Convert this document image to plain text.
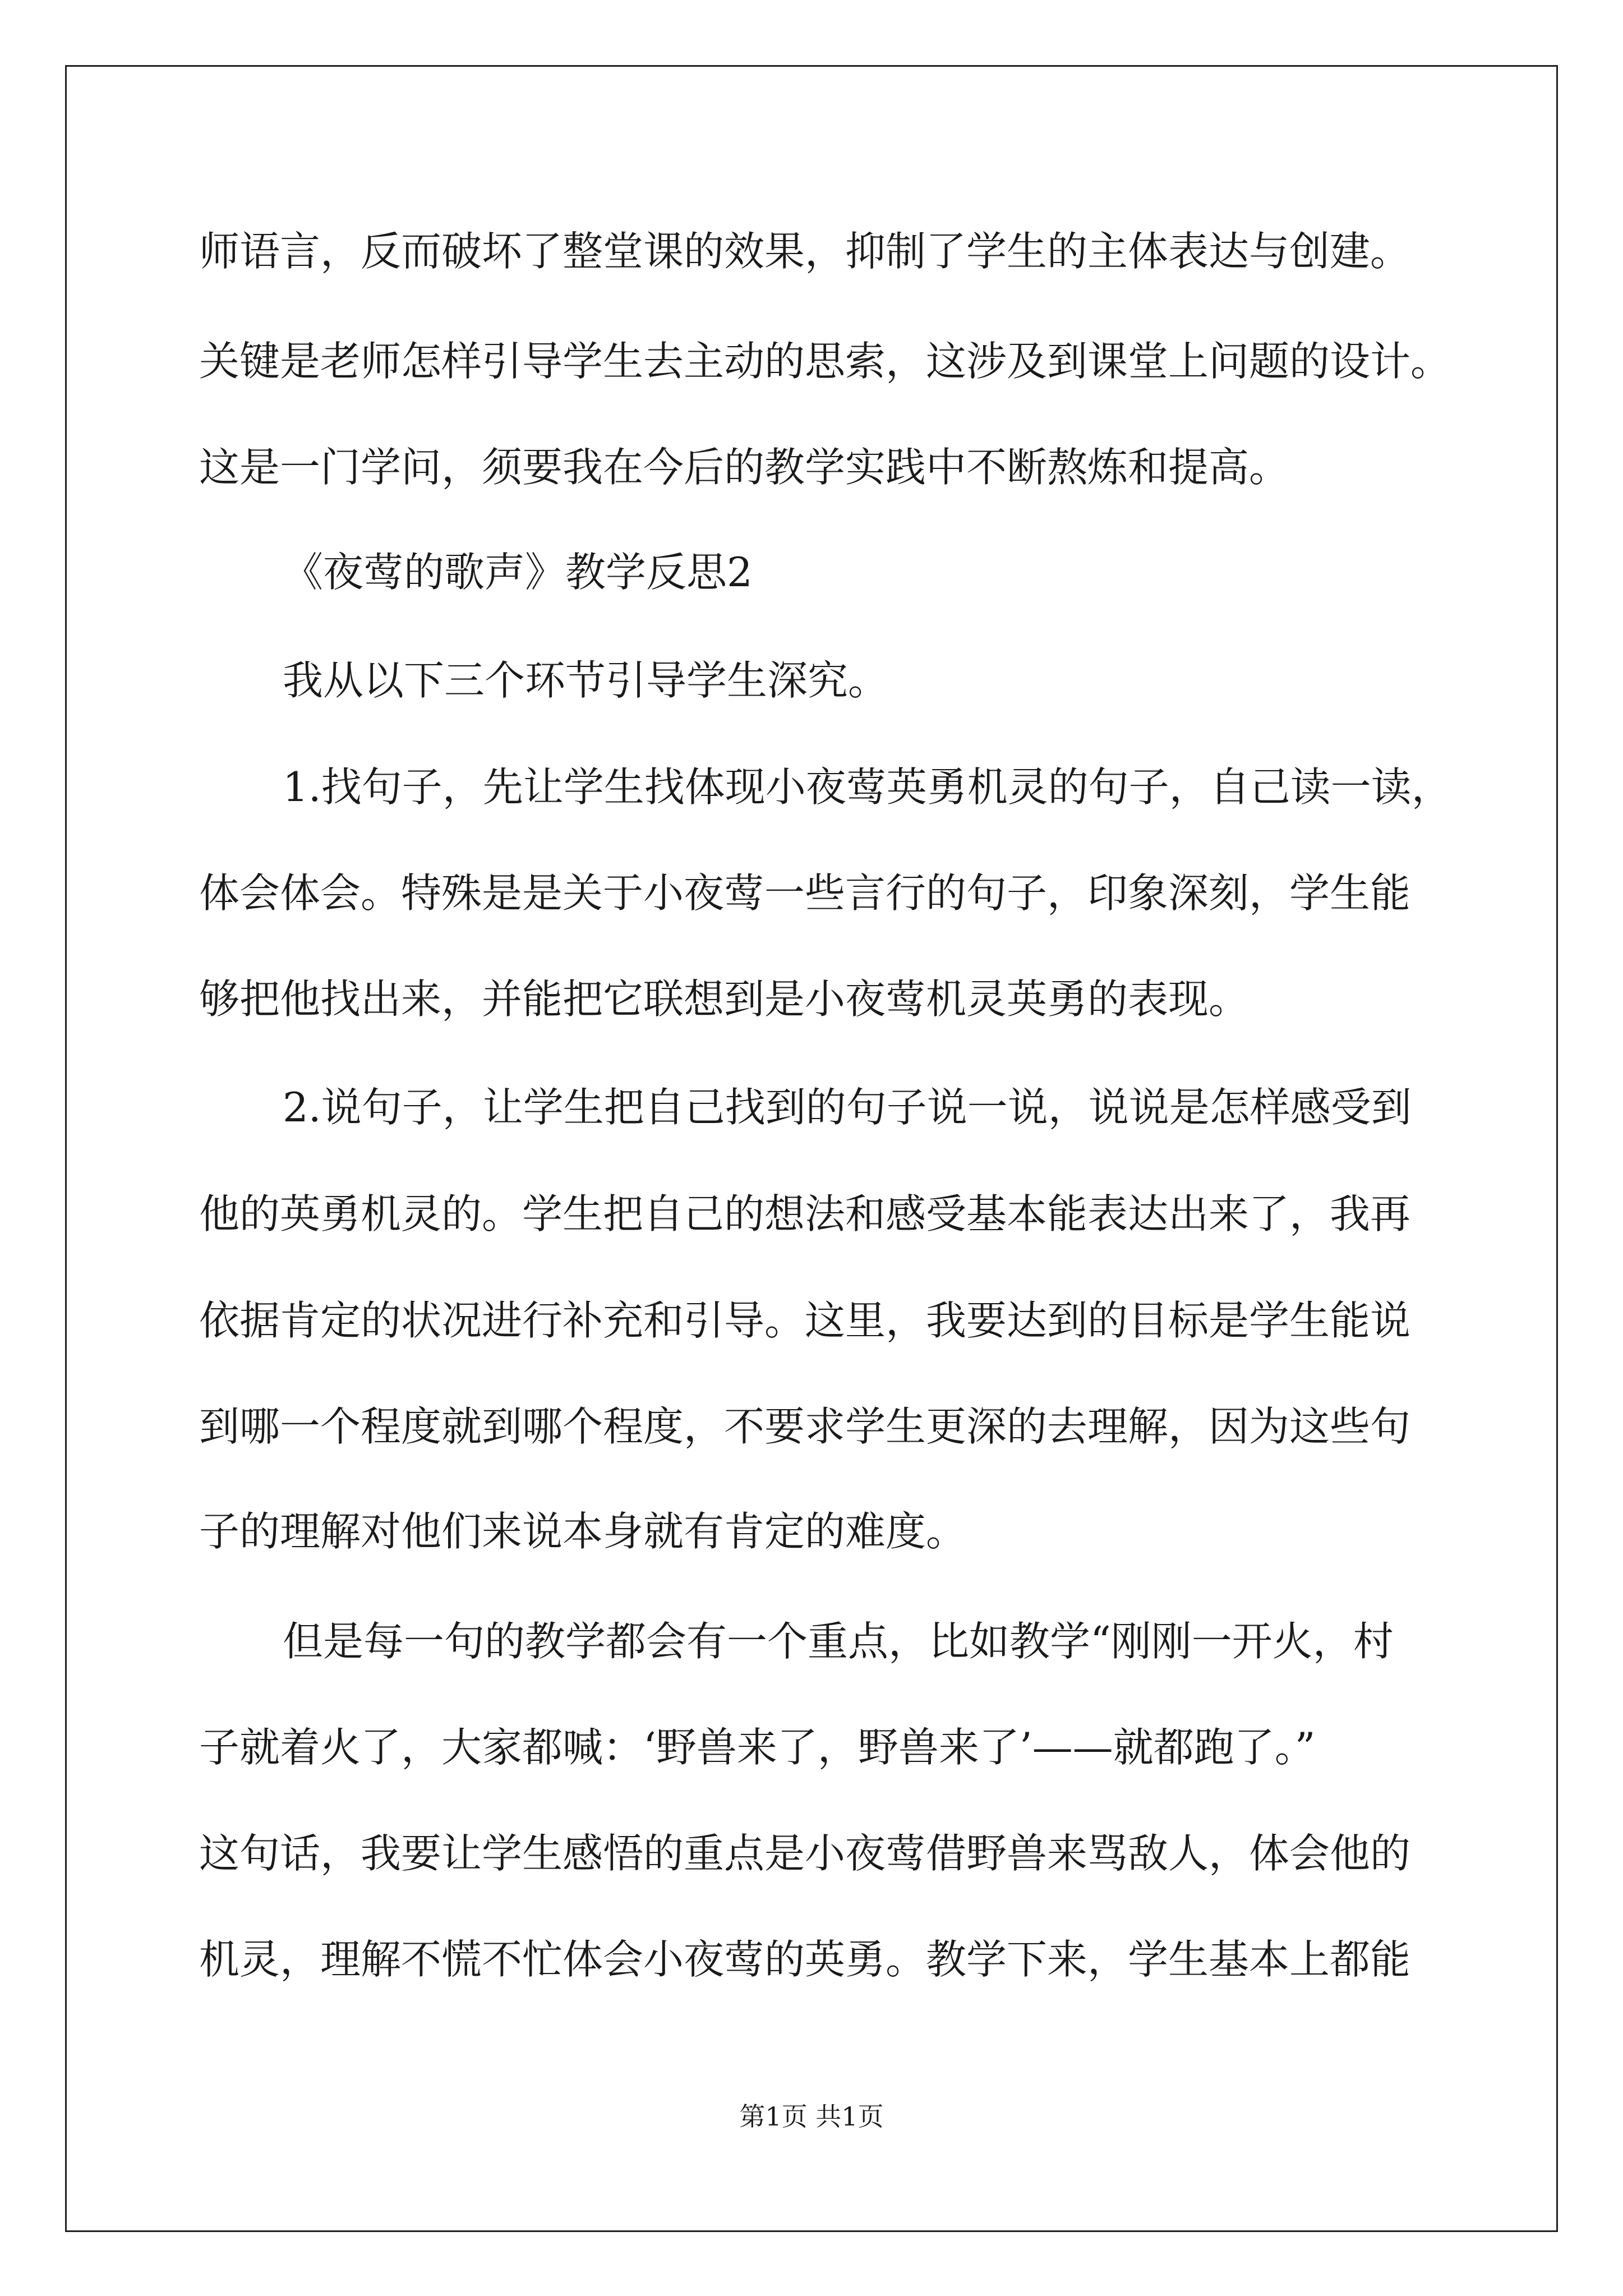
师语言，反而破坏了整堂课的效果，抑制了学生的主体表达与创建。
关键是老师怎样引导学生去主动的思索，这涉及到课堂上问题的设计。
这是一门学问，须要我在今后的教学实践中不断熬炼和提高。
《夜莺的歌声》教学反思2
我从以下三个环节引导学生深究。
1.找句子，先让学生找体现小夜莺英勇机灵的句子，自己读一读，
体会体会。特殊是是关于小夜莺一些言行的句子，印象深刻，学生能
够把他找出来，并能把它联想到是小夜莺机灵英勇的表现。
2.说句子，让学生把自己找到的句子说一说，说说是怎样感受到
他的英勇机灵的。学生把自己的想法和感受基本能表达出来了，我再
依据肯定的状况进行补充和引导。这里，我要达到的目标是学生能说
到哪一个程度就到哪个程度，不要求学生更深的去理解，因为这些句
子的理解对他们来说本身就有肯定的难度。
但是每一句的教学都会有一个重点，比如教学“刚刚一开火，村
子就着火了，大家都喊：‘野兽来了，野兽来了’——就都跑了。”
这句话，我要让学生感悟的重点是小夜莺借野兽来骂敌人，体会他的
机灵，理解不慌不忙体会小夜莺的英勇。教学下来，学生基本上都能
第1页 共1页
